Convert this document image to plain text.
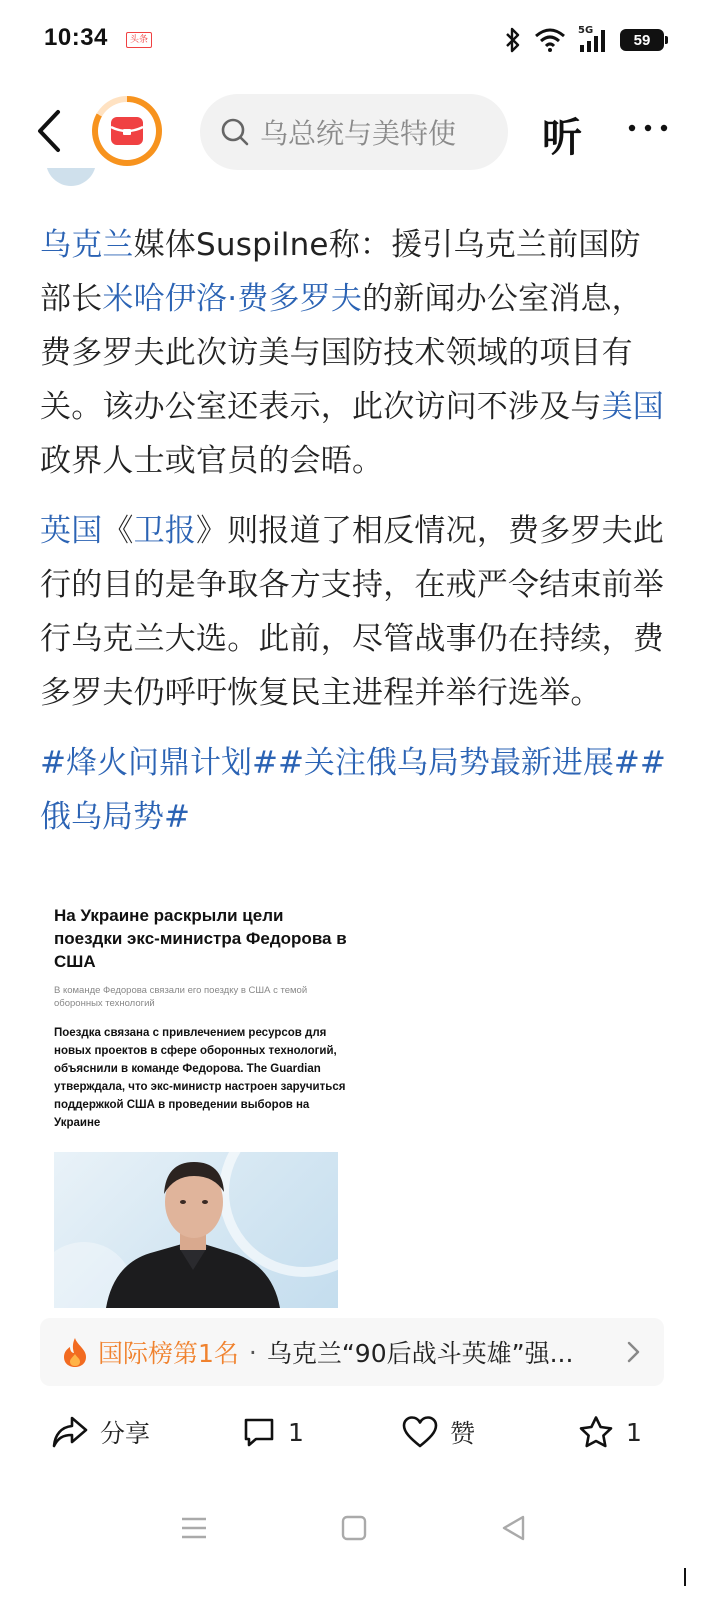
10:34	头条
5G
59
乌总统与美特使 听

乌克兰媒体Suspilne称：援引乌克兰前国防部长米哈伊洛·费多罗夫的新闻办公室消息，费多罗夫此次访美与国防技术领域的项目有关。该办公室还表示，此次访问不涉及与美国政界人士或官员的会晤。

英国《卫报》则报道了相反情况，费多罗夫此行的目的是争取各方支持，在戒严令结束前举行乌克兰大选。此前，尽管战事仍在持续，费多罗夫仍呼吁恢复民主进程并举行选举。

#烽火问鼎计划##关注俄乌局势最新进展##俄乌局势#

На Украине раскрыли цели поездки экс-министра Федорова в США
В команде Федорова связали его поездку в США с темой оборонных технологий
Поездка связана с привлечением ресурсов для новых проектов в сфере оборонных технологий, объяснили в команде Федорова. The Guardian утверждала, что экс-министр настроен заручиться поддержкой США в проведении выборов на Украине
国际榜第1名 · 乌克兰“90后战斗英雄”强...
分享	1	赞	1
